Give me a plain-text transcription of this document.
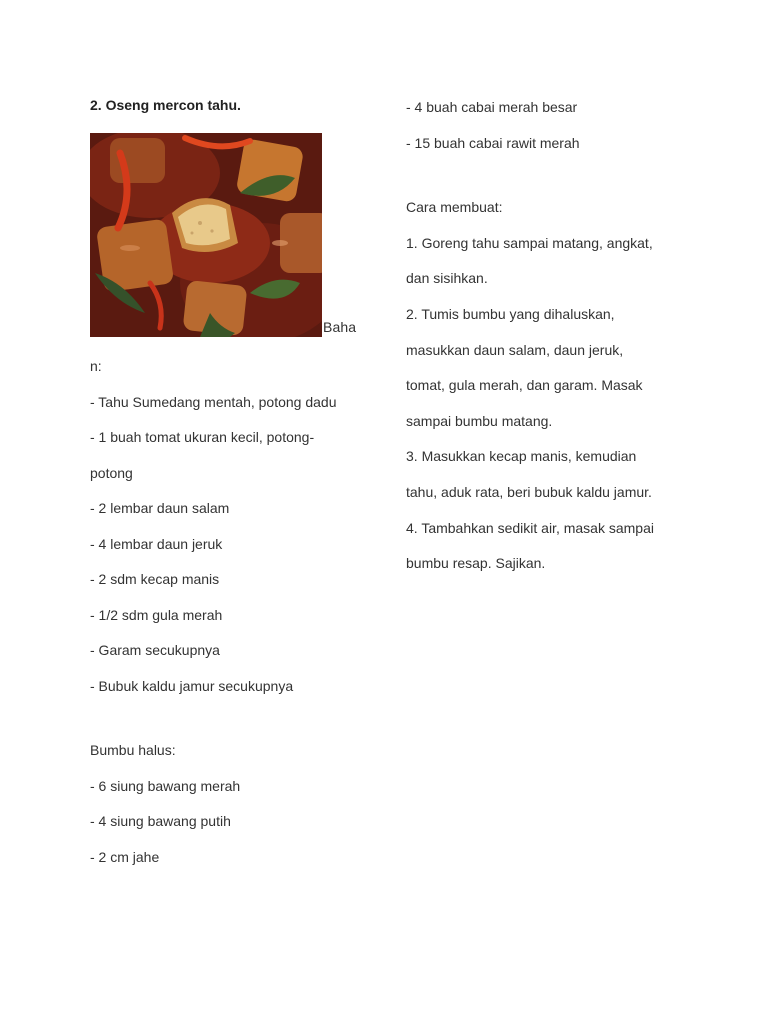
2. Oseng mercon tahu.

Baha
n:

- Tahu Sumedang mentah, potong dadu

- 1 buah tomat ukuran kecil, potong-

potong

- 2 lembar daun salam

- 4 lembar daun jeruk

- 2 sdm kecap manis

- 1/2 sdm gula merah

- Garam secukupnya

- Bubuk kaldu jamur secukupnya

Bumbu halus:

- 6 siung bawang merah

- 4 siung bawang putih

- 2 cm jahe

- 4 buah cabai merah besar

- 15 buah cabai rawit merah

Cara membuat:

1. Goreng tahu sampai matang, angkat,

dan sisihkan.

2. Tumis bumbu yang dihaluskan,

masukkan daun salam, daun jeruk,

tomat, gula merah, dan garam. Masak

sampai bumbu matang.

3. Masukkan kecap manis, kemudian

tahu, aduk rata, beri bubuk kaldu jamur.

4. Tambahkan sedikit air, masak sampai

bumbu resap. Sajikan.
